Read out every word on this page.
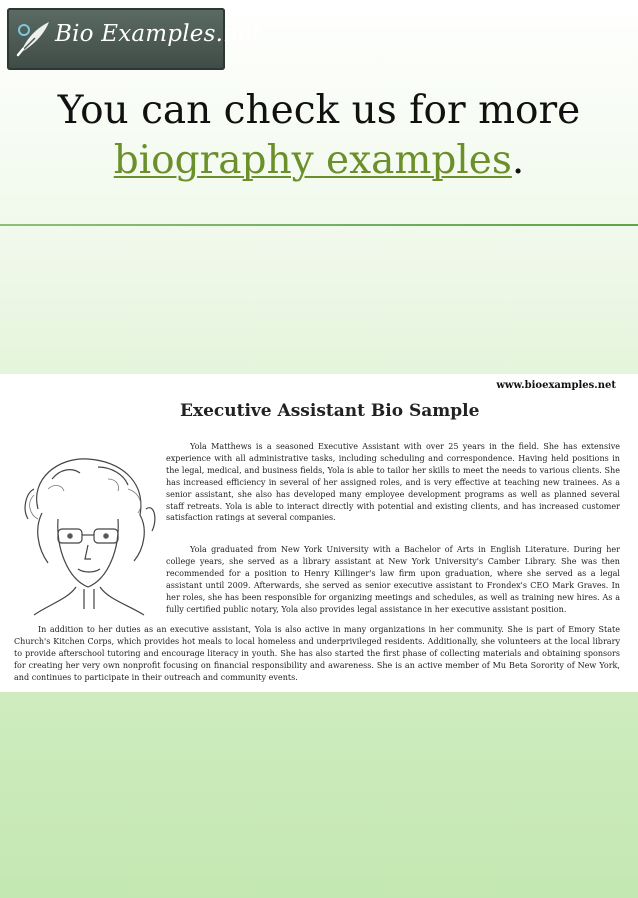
Bio Examples.net
You can check us for more
biography examples.
www.bioexamples.net
Executive Assistant Bio Sample

Yola Matthews is a seasoned Executive Assistant with over 25 years in the field. She has extensive experience with all administrative tasks, including scheduling and correspondence. Having held positions in the legal, medical, and business fields, Yola is able to tailor her skills to meet the needs to various clients. She has increased efficiency in several of her assigned roles, and is very effective at teaching new trainees. As a senior assistant, she also has developed many employee development programs as well as planned several staff retreats. Yola is able to interact directly with potential and existing clients, and has increased customer satisfaction ratings at several companies.

Yola graduated from New York University with a Bachelor of Arts in English Literature. During her college years, she served as a library assistant at New York University's Camber Library. She was then recommended for a position to Henry Killinger's law firm upon graduation, where she served as a legal assistant until 2009. Afterwards, she served as senior executive assistant to Frondex's CEO Mark Graves. In her roles, she has been responsible for organizing meetings and schedules, as well as training new hires. As a fully certified public notary, Yola also provides legal assistance in her executive assistant position.

In addition to her duties as an executive assistant, Yola is also active in many organizations in her community. She is part of Emory State Church's Kitchen Corps, which provides hot meals to local homeless and underprivileged residents. Additionally, she volunteers at the local library to provide afterschool tutoring and encourage literacy in youth. She has also started the first phase of collecting materials and obtaining sponsors for creating her very own nonprofit focusing on financial responsibility and awareness. She is an active member of Mu Beta Sorority of New York, and continues to participate in their outreach and community events.
